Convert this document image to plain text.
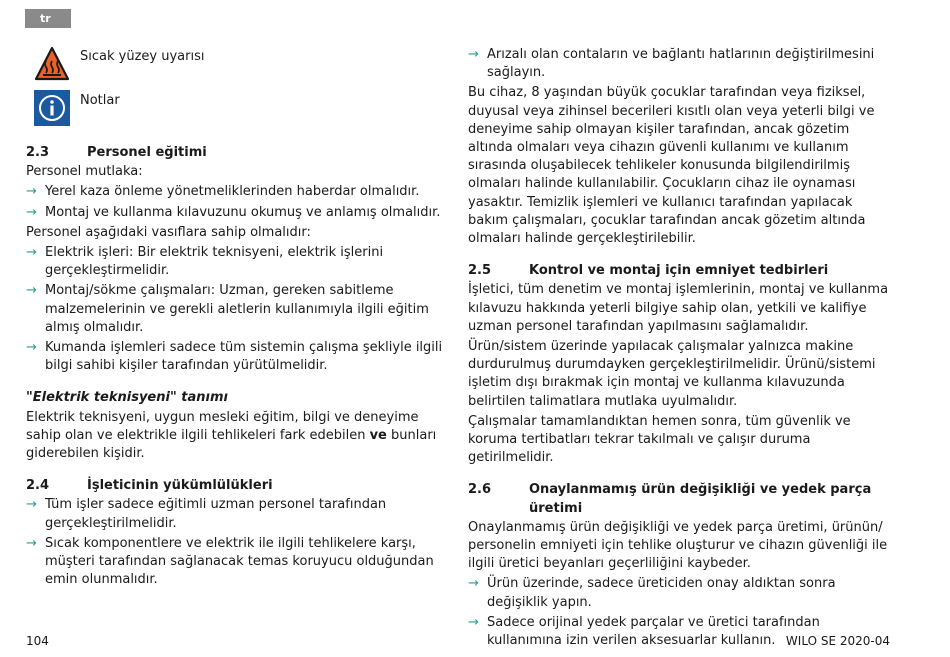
tr
Sıcak yüzey uyarısı
Notlar
2.3	Personel eğitimi
Personel mutlaka:
→ Yerel kaza önleme yönetmeliklerinden haberdar olmalıdır.
→ Montaj ve kullanma kılavuzunu okumuş ve anlamış olmalıdır.
Personel aşağıdaki vasıflara sahip olmalıdır:
→ Elektrik işleri: Bir elektrik teknisyeni, elektrik işlerini gerçekleştirmelidir.
→ Montaj/sökme çalışmaları: Uzman, gereken sabitleme malzemelerinin ve gerekli aletlerin kullanımıyla ilgili eğitim almış olmalıdır.
→ Kumanda işlemleri sadece tüm sistemin çalışma şekliyle ilgili bilgi sahibi kişiler tarafından yürütülmelidir.
"Elektrik teknisyeni" tanımı
Elektrik teknisyeni, uygun mesleki eğitim, bilgi ve deneyime sahip olan ve elektrikle ilgili tehlikeleri fark edebilen ve bunları giderebilen kişidir.
2.4	İşleticinin yükümlülükleri
→ Tüm işler sadece eğitimli uzman personel tarafından gerçekleştirilmelidir.
→ Sıcak komponentlere ve elektrik ile ilgili tehlikelere karşı, müşteri tarafından sağlanacak temas koruyucu olduğundan emin olunmalıdır.
→ Arızalı olan contaların ve bağlantı hatlarının değiştirilmesini sağlayın.
Bu cihaz, 8 yaşından büyük çocuklar tarafından veya fiziksel, duyusal veya zihinsel becerileri kısıtlı olan veya yeterli bilgi ve deneyime sahip olmayan kişiler tarafından, ancak gözetim altında olmaları veya cihazın güvenli kullanımı ve kullanım sırasında oluşabilecek tehlikeler konusunda bilgilendirilmiş olmaları halinde kullanılabilir. Çocukların cihaz ile oynaması yasaktır. Temizlik işlemleri ve kullanıcı tarafından yapılacak bakım çalışmaları, çocuklar tarafından ancak gözetim altında olmaları halinde gerçekleştirilebilir.
2.5	Kontrol ve montaj için emniyet tedbirleri
İşletici, tüm denetim ve montaj işlemlerinin, montaj ve kullanma kılavuzu hakkında yeterli bilgiye sahip olan, yetkili ve kalifiye uzman personel tarafından yapılmasını sağlamalıdır.
Ürün/sistem üzerinde yapılacak çalışmalar yalnızca makine durdurulmuş durumdayken gerçekleştirilmelidir. Ürünü/sistemi işletim dışı bırakmak için montaj ve kullanma kılavuzunda belirtilen talimatlara mutlaka uyulmalıdır.
Çalışmalar tamamlandıktan hemen sonra, tüm güvenlik ve koruma tertibatları tekrar takılmalı ve çalışır duruma getirilmelidir.
2.6	Onaylanmamış ürün değişikliği ve yedek parça üretimi
Onaylanmamış ürün değişikliği ve yedek parça üretimi, ürünün/ personelin emniyeti için tehlike oluşturur ve cihazın güvenliği ile ilgili üretici beyanları geçerliliğini kaybeder.
→ Ürün üzerinde, sadece üreticiden onay aldıktan sonra değişiklik yapın.
→ Sadece orijinal yedek parçalar ve üretici tarafından kullanımına izin verilen aksesuarlar kullanın.
104	WILO SE 2020-04
